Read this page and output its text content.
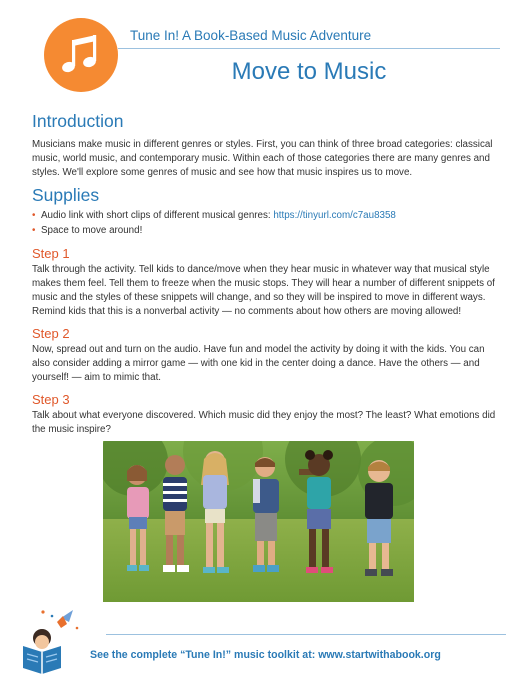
Tune In! A Book-Based Music Adventure
Move to Music
Introduction

Musicians make music in different genres or styles. First, you can think of three broad categories: classical music, world music, and contemporary music. Within each of those categories there are many genres and styles. We'll explore some genres of music and see how that music inspires us to move.

Supplies
• Audio link with short clips of different musical genres: https://tinyurl.com/c7au8358
• Space to move around!
Step 1

Talk through the activity. Tell kids to dance/move when they hear music in whatever way that musical style makes them feel. Tell them to freeze when the music stops. They will hear a number of different snippets of music and the styles of these snippets will change, and so they will be inspired to move in different ways. Remind kids that this is a nonverbal activity — no comments about how others are moving allowed!

Step 2

Now, spread out and turn on the audio. Have fun and model the activity by doing it with the kids. You can also consider adding a mirror game — with one kid in the center doing a dance. Have the others — and yourself! — aim to mimic that.

Step 3

Talk about what everyone discovered. Which music did they enjoy the most? The least? What emotions did the music inspire?

See the complete “Tune In!” music toolkit at: www.startwithabook.org
